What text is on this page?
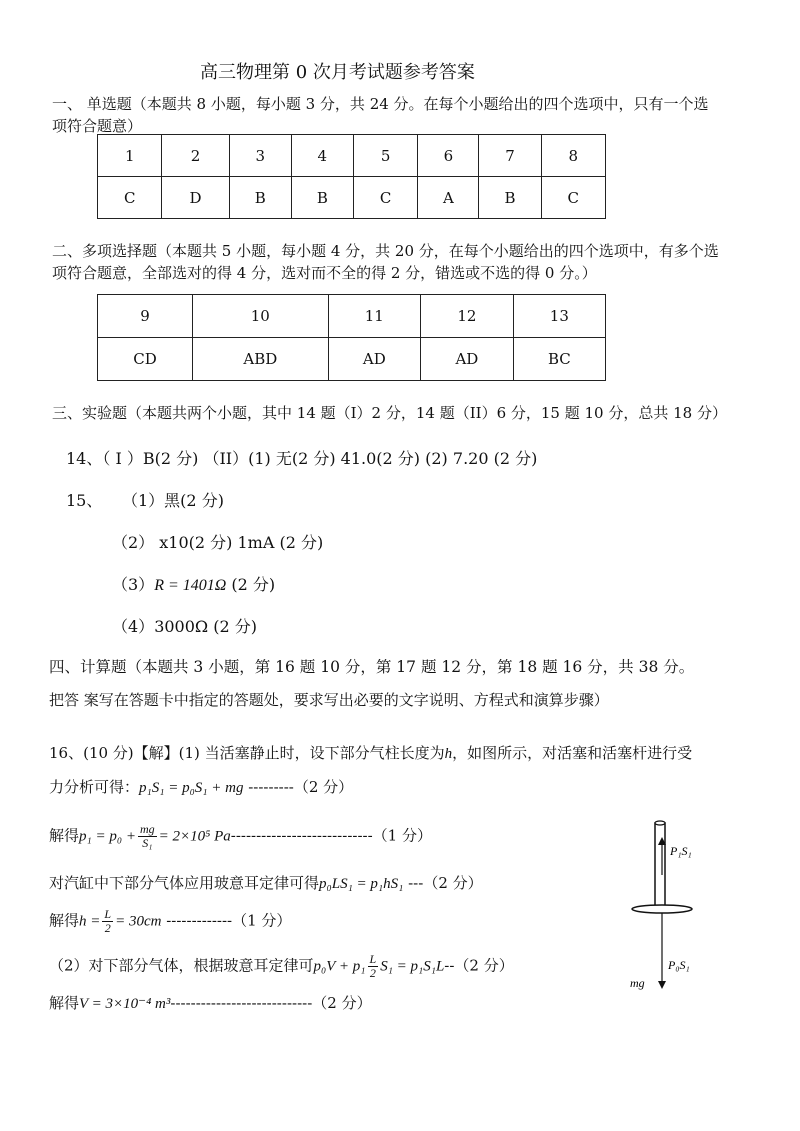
高三物理第 0 次月考试题参考答案
一、 单选题（本题共 8 小题，每小题 3 分，共 24 分。在每个小题给出的四个选项中，只有一个选
项符合题意）
1	2	3	4	5	6	7	8
C	D	B	B	C	A	B	C
二、多项选择题（本题共 5 小题，每小题 4 分，共 20 分，在每个小题给出的四个选项中，有多个选
项符合题意，全部选对的得 4 分，选对而不全的得 2 分，错选或不选的得 0 分。）
9	10	11	12	13
CD	ABD	AD	AD	BC
三、实验题（本题共两个小题，其中 14 题（I）2 分，14 题（II）6 分，15 题 10 分，总共 18 分）
14、（ I ）B(2 分) （II）(1) 无(2 分) 41.0(2 分) (2) 7.20 (2 分)
15、 （1）黑(2 分)
（2） x10(2 分) 1mA (2 分)
（3）R = 1401Ω (2 分)
（4）3000Ω (2 分)
四、计算题（本题共 3 小题，第 16 题 10 分，第 17 题 12 分，第 18 题 16 分，共 38 分。
把答 案写在答题卡中指定的答题处，要求写出必要的文字说明、方程式和演算步骤）
16、(10 分)【解】(1) 当活塞静止时，设下部分气柱长度为h，如图所示，对活塞和活塞杆进行受
力分析可得：p₁S₁ = p₀S₁ + mg ---------（2 分）
解得$p_1 = p_0 + \frac{mg}{\text{S₁}} = 2\times 10^5$ Pa----------------------------（1 分）
对汽缸中下部分气体应用玻意耳定律可得p₀LS₁ = p₁hS₁ ---（2 分）
解得$h = \frac{L}{2} = 30cm$ -------------（1 分）
（2）对下部分气体，根据玻意耳定律可$p_0V + p_1 \frac{L}{2} S_1 = p_1S_1L--(2$ 分）
解得V = 3×10⁻⁴ m³----------------------------（2 分）
P₁S₁
P₀S₁
mg
